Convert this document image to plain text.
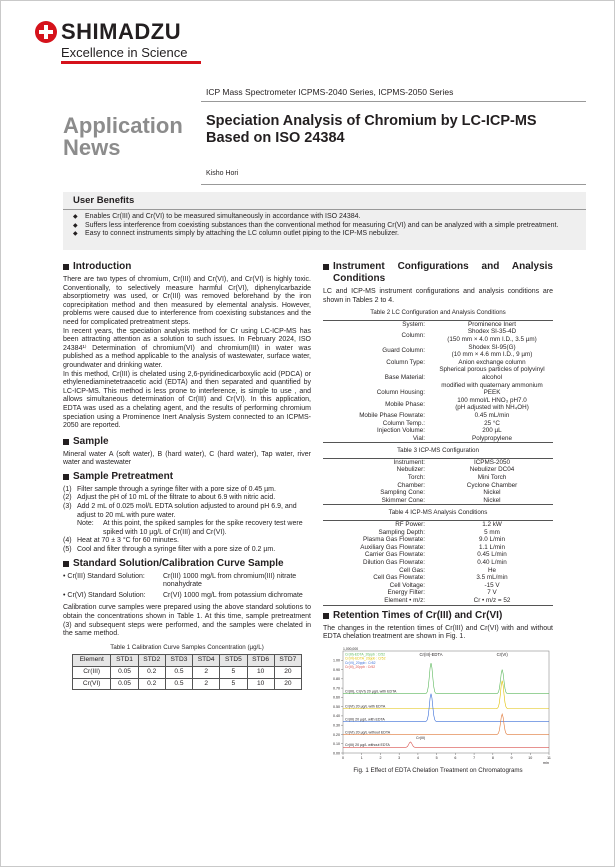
SHIMADZU
Excellence in Science
ICP Mass Spectrometer ICPMS-2040 Series, ICPMS-2050 Series
Application
News
Speciation Analysis of Chromium by LC-ICP-MS
Based on ISO 24384
Kisho Hori
User Benefits
◆ Enables Cr(III) and Cr(VI) to be measured simultaneously in accordance with ISO 24384.
◆ Suffers less interference from coexisting substances than the conventional method for measuring Cr(VI) and can be analyzed with a simple pretreatment.
◆ Easy to connect instruments simply by attaching the LC column outlet piping to the ICP-MS nebulizer.
Introduction

There are two types of chromium, Cr(III) and Cr(VI), and Cr(VI) is highly toxic. Conventionally, to selectively measure harmful Cr(VI), diphenylcarbazide absorptiometry was used, or Cr(III) was removed beforehand by the iron coprecipitation method and then measured by elemental analysis. However, problems were caused due to interference from coexisting substances and the need for complicated pretreatment steps.

In recent years, the speciation analysis method for Cr using LC-ICP-MS has been attracting attention as a solution to such issues. In February 2024, ISO 24384¹⁾ Determination of chromium(VI) and chromium(III) in water was published as a method applicable to the analysis of wastewater, surface water, groundwater and drinking water.

In this method, Cr(III) is chelated using 2,6-pyridinedicarboxylic acid (PDCA) or ethylenediaminetetraacetic acid (EDTA) and then separated and quantified by LC-ICP-MS. This method is less prone to interference, is simple to use , and allows simultaneous determination of Cr(III) and Cr(VI). In this application, EDTA was used as a chelating agent, and the results of performing chromium speciation using a Prominence Inert Analysis System connected to an ICPMS-2050 are reported.

Sample

Mineral water A (soft water), B (hard water), C (hard water), Tap water, river water and wastewater

Sample Pretreatment
(1) Filter sample through a syringe filter with a pore size of 0.45 µm.
(2) Adjust the pH of 10 mL of the filtrate to about 6.9 with nitric acid.
(3) Add 2 mL of 0.025 mol/L EDTA solution adjusted to around pH 6.9, and adjust to 20 mL with pure water.
Note:	At this point, the spiked samples for the spike recovery test were spiked with 10 µg/L of Cr(III) and Cr(VI).
(4) Heat at 70 ± 3 °C for 60 minutes.
(5) Cool and filter through a syringe filter with a pore size of 0.2 µm.
Standard Solution/Calibration Curve Sample
• Cr(III) Standard Solution:	Cr(III) 1000 mg/L from chromium(III) nitrate nonahydrate
• Cr(VI) Standard Solution:	Cr(VI) 1000 mg/L from potassium dichromate

Calibration curve samples were prepared using the above standard solutions to obtain the concentrations shown in Table 1. At this time, sample pretreatment (3) and subsequent steps were performed, and the samples were chelated in the same method.

Table 1 Calibration Curve Samples Concentration (µg/L)
Element	STD1	STD2	STD3	STD4	STD5	STD6	STD7
Cr(III)	0.05	0.2	0.5	2	5	10	20
Cr(VI)	0.05	0.2	0.5	2	5	10	20
Instrument Configurations and Analysis Conditions

LC and ICP-MS instrument configurations and analysis conditions are shown in Tables 2 to 4.

Table 2 LC Configuration and Analysis Conditions
System:	Prominence Inert
Column:	Shodex SI-35-4D
(150 mm × 4.0 mm I.D., 3.5 µm)
Guard Column:	Shodex SI-95(G)
(10 mm × 4.6 mm I.D., 9 µm)
Column Type:	Anion exchange column
Base Material:	Spherical porous particles of polyvinyl alcohol
modified with quaternary ammonium
Column Housing:	PEEK
Mobile Phase:	100 mmol/L HNO₃ pH7.0
(pH adjusted with NH₄OH)
Mobile Phase Flowrate:	0.45 mL/min
Column Temp.:	25 °C
Injection Volume:	200 µL
Vial:	Polypropylene
Table 3 ICP-MS Configuration
Instrument:	ICPMS-2050
Nebulizer:	Nebulizer DC04
Torch:	Mini Torch
Chamber:	Cyclone Chamber
Sampling Cone:	Nickel
Skimmer Cone:	Nickel
Table 4 ICP-MS Analysis Conditions
RF Power:	1.2 kW
Sampling Depth:	5 mm
Plasma Gas Flowrate:	9.0 L/min
Auxiliary Gas Flowrate:	1.1 L/min
Carrier Gas Flowrate:	0.45 L/min
Dilution Gas Flowrate:	0.40 L/min
Cell Gas:	He
Cell Gas Flowrate:	3.5 mL/min
Cell Voltage:	-15 V
Energy Filter:	7 V
Element • m/z:	Cr • m/z = 52
Retention Times of Cr(III) and Cr(VI)

The changes in the retention times of Cr(III) and Cr(VI) with and without EDTA chelation treatment are shown in Fig. 1.

0.00
0.10
0.20
0.30
0.40
0.50
0.60
0.70
0.80
0.90
1.00
0	1	2	3	4	5	6	7	8	9	10	11
min
1,000,000
Cr(III), Cr(VI) 20 µg/L with EDTA
Cr(VI) 20 µg/L with EDTA
Cr(III) 20 µg/L with EDTA
Cr(VI) 20 µg/L without EDTA
Cr(III) 20 µg/L without EDTA
Cr(III)-EDTA	Cr(VI)
Cr(III)
Cr(III)-EDTA_20ppb : Cr52
Cr(VI)-EDTA_20ppb : Cr52
Cr(VI)_20ppb : Cr52
Cr(III)_20ppb : Cr52
Fig. 1 Effect of EDTA Chelation Treatment on Chromatograms
